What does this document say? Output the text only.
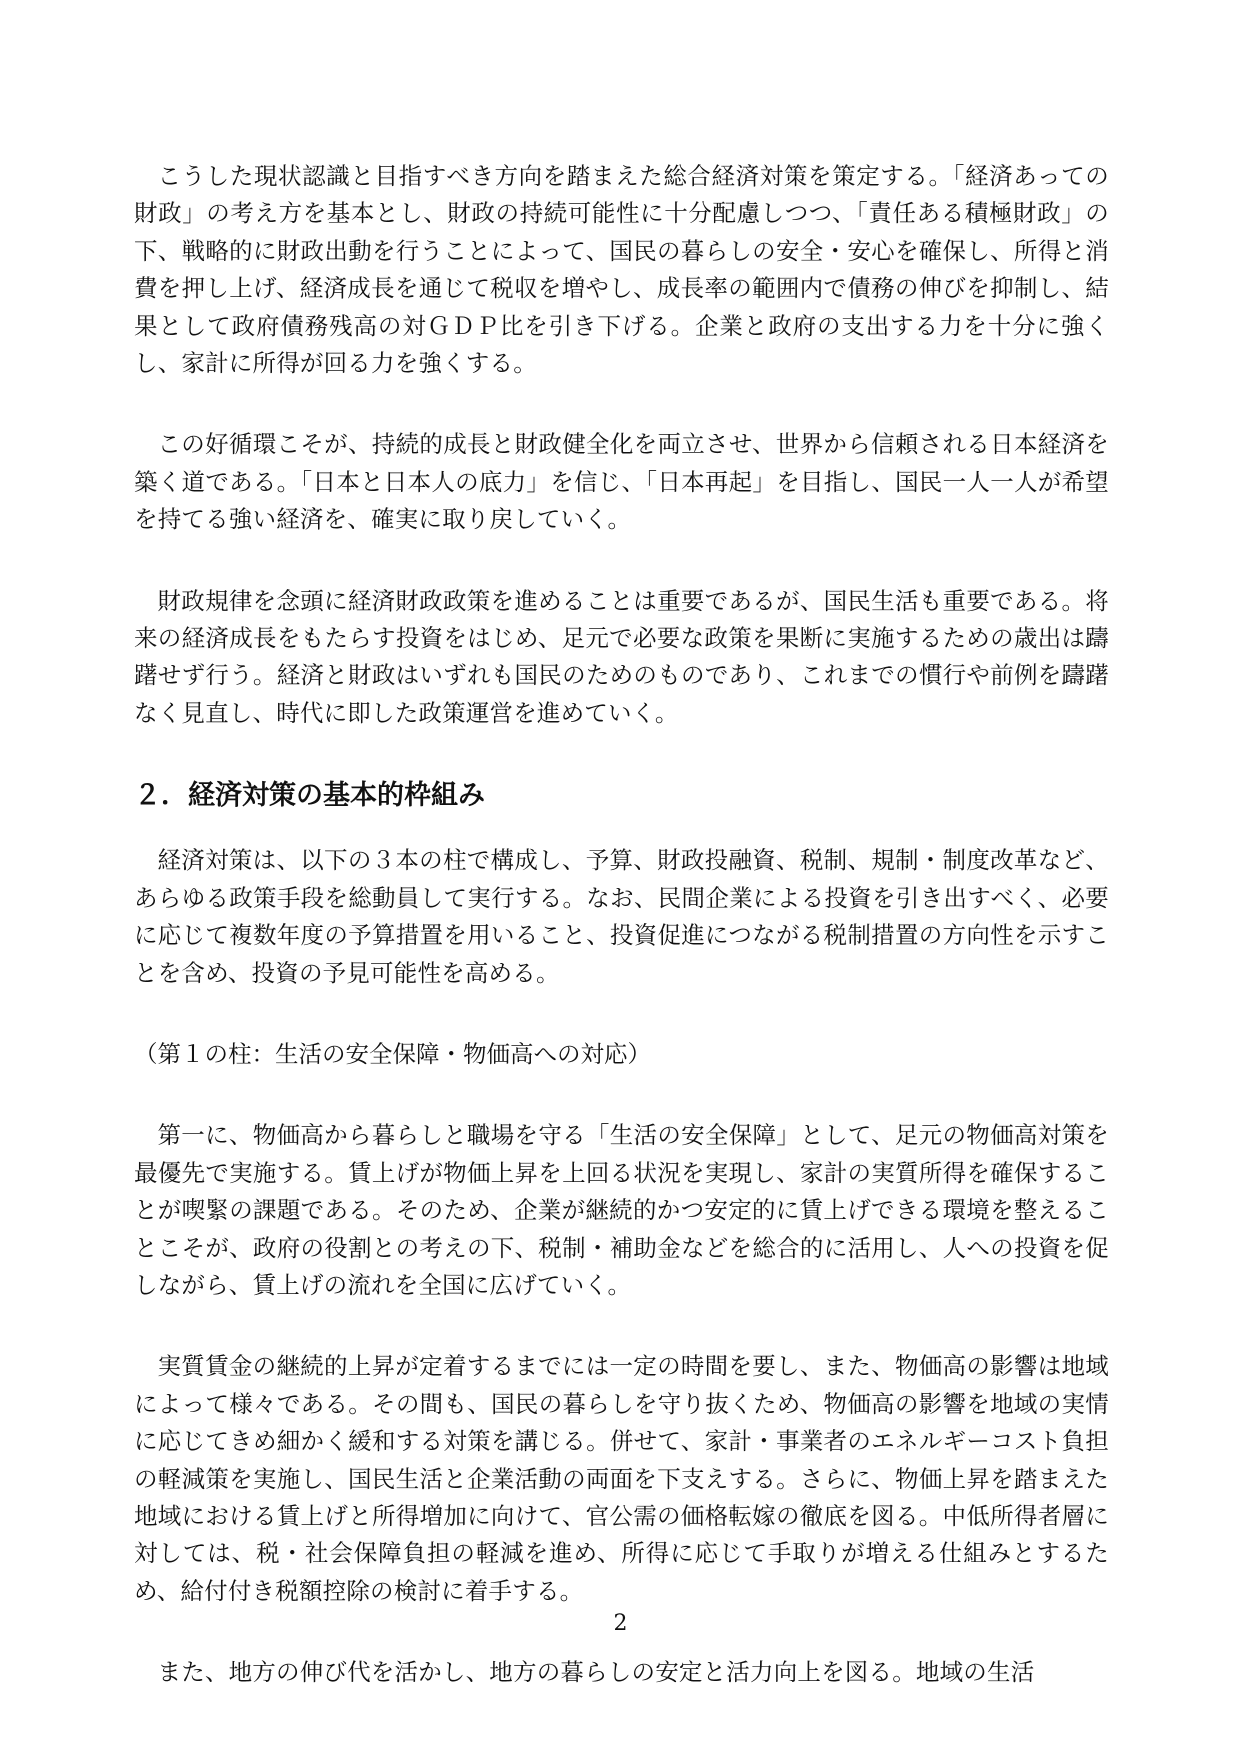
こうした現状認識と目指すべき方向を踏まえた総合経済対策を策定する。「経済あっての財政」の考え方を基本とし、財政の持続可能性に十分配慮しつつ、「責任ある積極財政」の下、戦略的に財政出動を行うことによって、国民の暮らしの安全・安心を確保し、所得と消費を押し上げ、経済成長を通じて税収を増やし、成長率の範囲内で債務の伸びを抑制し、結果として政府債務残高の対ＧＤＰ比を引き下げる。企業と政府の支出する力を十分に強くし、家計に所得が回る力を強くする。

この好循環こそが、持続的成長と財政健全化を両立させ、世界から信頼される日本経済を築く道である。「日本と日本人の底力」を信じ、「日本再起」を目指し、国民一人一人が希望を持てる強い経済を、確実に取り戻していく。

財政規律を念頭に経済財政政策を進めることは重要であるが、国民生活も重要である。将来の経済成長をもたらす投資をはじめ、足元で必要な政策を果断に実施するための歳出は躊躇せず行う。経済と財政はいずれも国民のためのものであり、これまでの慣行や前例を躊躇なく見直し、時代に即した政策運営を進めていく。

２．経済対策の基本的枠組み

経済対策は、以下の３本の柱で構成し、予算、財政投融資、税制、規制・制度改革など、あらゆる政策手段を総動員して実行する。なお、民間企業による投資を引き出すべく、必要に応じて複数年度の予算措置を用いること、投資促進につながる税制措置の方向性を示すことを含め、投資の予見可能性を高める。

（第１の柱：生活の安全保障・物価高への対応）

第一に、物価高から暮らしと職場を守る「生活の安全保障」として、足元の物価高対策を最優先で実施する。賃上げが物価上昇を上回る状況を実現し、家計の実質所得を確保することが喫緊の課題である。そのため、企業が継続的かつ安定的に賃上げできる環境を整えることこそが、政府の役割との考えの下、税制・補助金などを総合的に活用し、人への投資を促しながら、賃上げの流れを全国に広げていく。

実質賃金の継続的上昇が定着するまでには一定の時間を要し、また、物価高の影響は地域によって様々である。その間も、国民の暮らしを守り抜くため、物価高の影響を地域の実情に応じてきめ細かく緩和する対策を講じる。併せて、家計・事業者のエネルギーコスト負担の軽減策を実施し、国民生活と企業活動の両面を下支えする。さらに、物価上昇を踏まえた地域における賃上げと所得増加に向けて、官公需の価格転嫁の徹底を図る。中低所得者層に対しては、税・社会保障負担の軽減を進め、所得に応じて手取りが増える仕組みとするため、給付付き税額控除の検討に着手する。

また、地方の伸び代を活かし、地方の暮らしの安定と活力向上を図る。地域の生活

2
